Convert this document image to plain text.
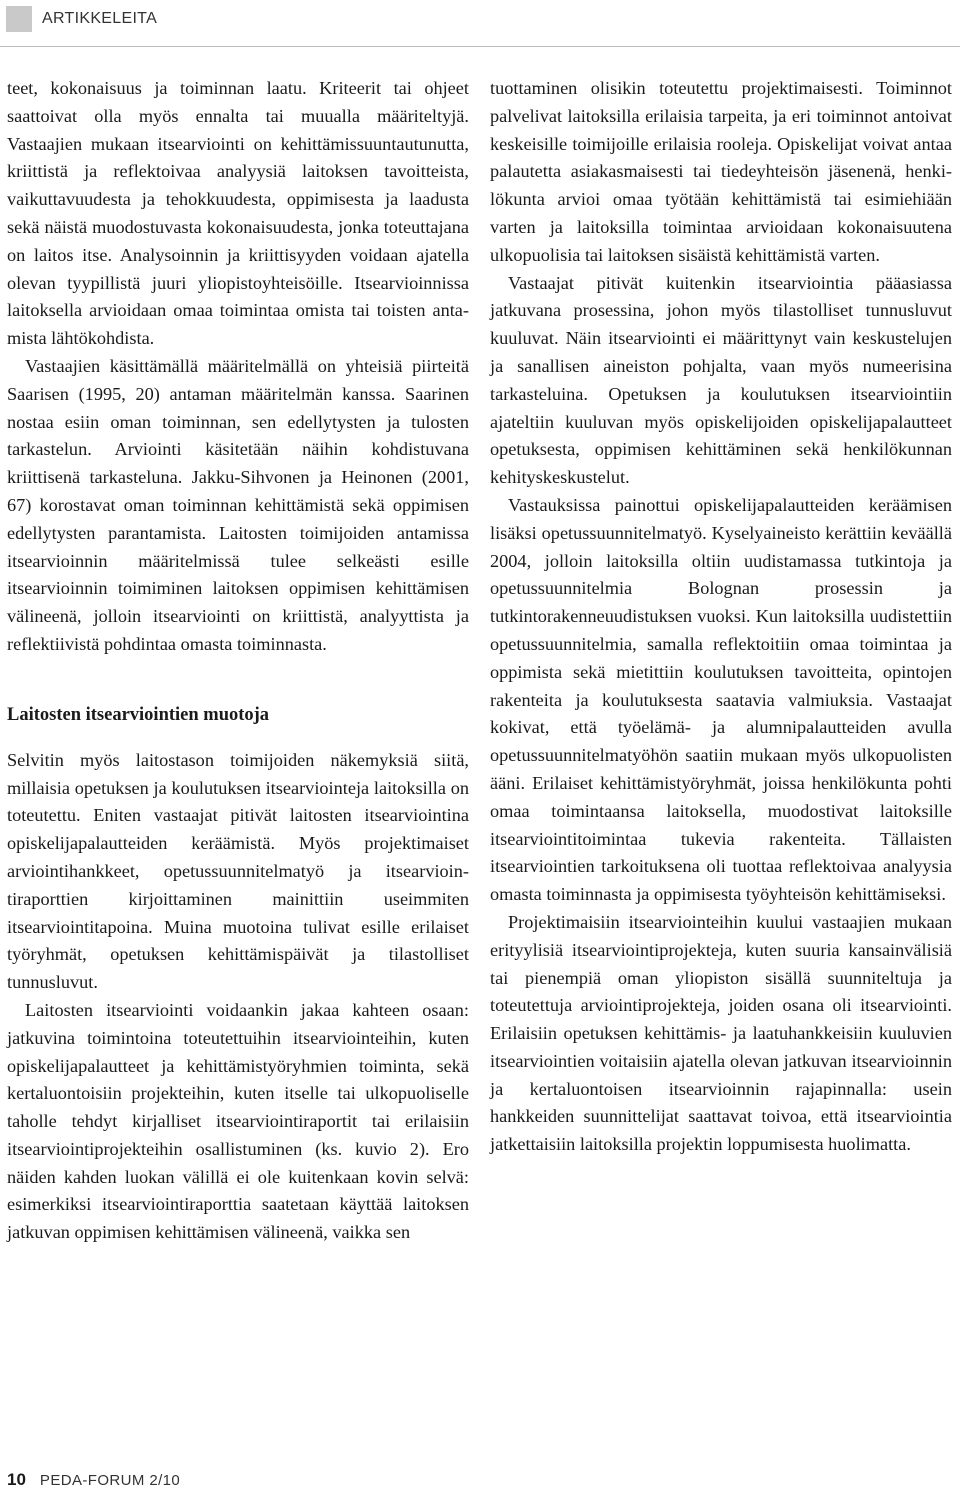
ARTIKKELEITA

teet, kokonaisuus ja toiminnan laatu. Kriteerit tai ohjeet saattoivat olla myös ennalta tai muualla määriteltyjä. Vastaajien mukaan itsearviointi on kehittämissuuntautunutta, kriittistä ja reflektoivaa analyysiä laitoksen tavoitteista, vaikuttavuudesta ja tehokkuudesta, oppimisesta ja laadusta sekä näistä muodostuvasta kokonaisuudesta, jonka toteuttajana on laitos itse. Analysoinnin ja kriittisyyden voidaan ajatella olevan tyypillistä juuri yliopistoyhteisöille. Itsearvioinnissa laitoksella arvioidaan omaa toimintaa omista tai toisten antamista lähtökohdista.

Vastaajien käsittämällä määritelmällä on yhteisiä piirteitä Saarisen (1995, 20) antaman määritelmän kanssa. Saarinen nostaa esiin oman toiminnan, sen edellytysten ja tulosten tarkastelun. Arviointi käsitetään näihin kohdistuvana kriittisenä tarkasteluna. Jakku-Sihvonen ja Heinonen (2001, 67) korostavat oman toiminnan kehittämistä sekä oppimisen edellytysten parantamista. Laitosten toimijoiden antamissa itsearvioinnin määritelmissä tulee selkeästi esille itsearvioinnin toimiminen laitoksen oppimisen kehittämisen välineenä, jolloin itsearviointi on kriittistä, analyyttista ja reflektiivistä pohdintaa omasta toiminnasta.

Laitosten itsearviointien muotoja

Selvitin myös laitostason toimijoiden näkemyksiä siitä, millaisia opetuksen ja koulutuksen itsearviointeja laitoksilla on toteutettu. Eniten vastaajat pitivät laitosten itsearviointina opiskelijapalautteiden keräämistä. Myös projektimaiset arviointihankkeet, opetussuunnitelmatyö ja itsearviointiraporttien kirjoittaminen mainittiin useimmiten itsearviointitapoina. Muina muotoina tulivat esille erilaiset työryhmät, opetuksen kehittämispäivät ja tilastolliset tunnusluvut.

Laitosten itsearviointi voidaankin jakaa kahteen osaan: jatkuvina toimintoina toteutettuihin itsearviointeihin, kuten opiskelijapalautteet ja kehittämistyöryhmien toiminta, sekä kertaluontoisiin projekteihin, kuten itselle tai ulkopuoliselle taholle tehdyt kirjalliset itsearviointiraportit tai erilaisiin itsearviointiprojekteihin osallistuminen (ks. kuvio 2). Ero näiden kahden luokan välillä ei ole kuitenkaan kovin selvä: esimerkiksi itsearviointiraporttia saatetaan käyttää laitoksen jatkuvan oppimisen kehittämisen välineenä, vaikka sen

tuottaminen olisikin toteutettu projektimaisesti. Toiminnot palvelivat laitoksilla erilaisia tarpeita, ja eri toiminnot antoivat keskeisille toimijoille erilaisia rooleja. Opiskelijat voivat antaa palautetta asiakasmaisesti tai tiedeyhteisön jäsenenä, henkilökunta arvioi omaa työtään kehittämistä tai esimiehiään varten ja laitoksilla toimintaa arvioidaan kokonaisuutena ulkopuolisia tai laitoksen sisäistä kehittämistä varten.

Vastaajat pitivät kuitenkin itsearviointia pääasiassa jatkuvana prosessina, johon myös tilastolliset tunnusluvut kuuluvat. Näin itsearviointi ei määrittynyt vain keskustelujen ja sanallisen aineiston pohjalta, vaan myös numeerisina tarkasteluina. Opetuksen ja koulutuksen itsearviointiin ajateltiin kuuluvan myös opiskelijoiden opiskelijapalautteet opetuksesta, oppimisen kehittäminen sekä henkilökunnan kehityskeskustelut.

Vastauksissa painottui opiskelijapalautteiden keräämisen lisäksi opetussuunnitelmatyö. Kyselyaineisto kerättiin keväällä 2004, jolloin laitoksilla oltiin uudistamassa tutkintoja ja opetussuunnitelmia Bolognan prosessin ja tutkintorakenneuudistuksen vuoksi. Kun laitoksilla uudistettiin opetussuunnitelmia, samalla reflektoitiin omaa toimintaa ja oppimista sekä mietittiin koulutuksen tavoitteita, opintojen rakenteita ja koulutuksesta saatavia valmiuksia. Vastaajat kokivat, että työelämä- ja alumnipalautteiden avulla opetussuunnitelmatyöhön saatiin mukaan myös ulkopuolisten ääni. Erilaiset kehittämistyöryhmät, joissa henkilökunta pohti omaa toimintaansa laitoksella, muodostivat laitoksille itsearviointitoimintaa tukevia rakenteita. Tällaisten itsearviointien tarkoituksena oli tuottaa reflektoivaa analyysia omasta toiminnasta ja oppimisesta työyhteisön kehittämiseksi.

Projektimaisiin itsearviointeihin kuului vastaajien mukaan erityylisiä itsearviointiprojekteja, kuten suuria kansainvälisiä tai pienempiä oman yliopiston sisällä suunniteltuja ja toteutettuja arviointiprojekteja, joiden osana oli itsearviointi. Erilaisiin opetuksen kehittämis- ja laatuhankkeisiin kuuluvien itsearviointien voitaisiin ajatella olevan jatkuvan itsearvioinnin ja kertaluontoisen itsearvioinnin rajapinnalla: usein hankkeiden suunnittelijat saattavat toivoa, että itsearviointia jatkettaisiin laitoksilla projektin loppumisesta huolimatta.

10 PEDA-FORUM 2/10
